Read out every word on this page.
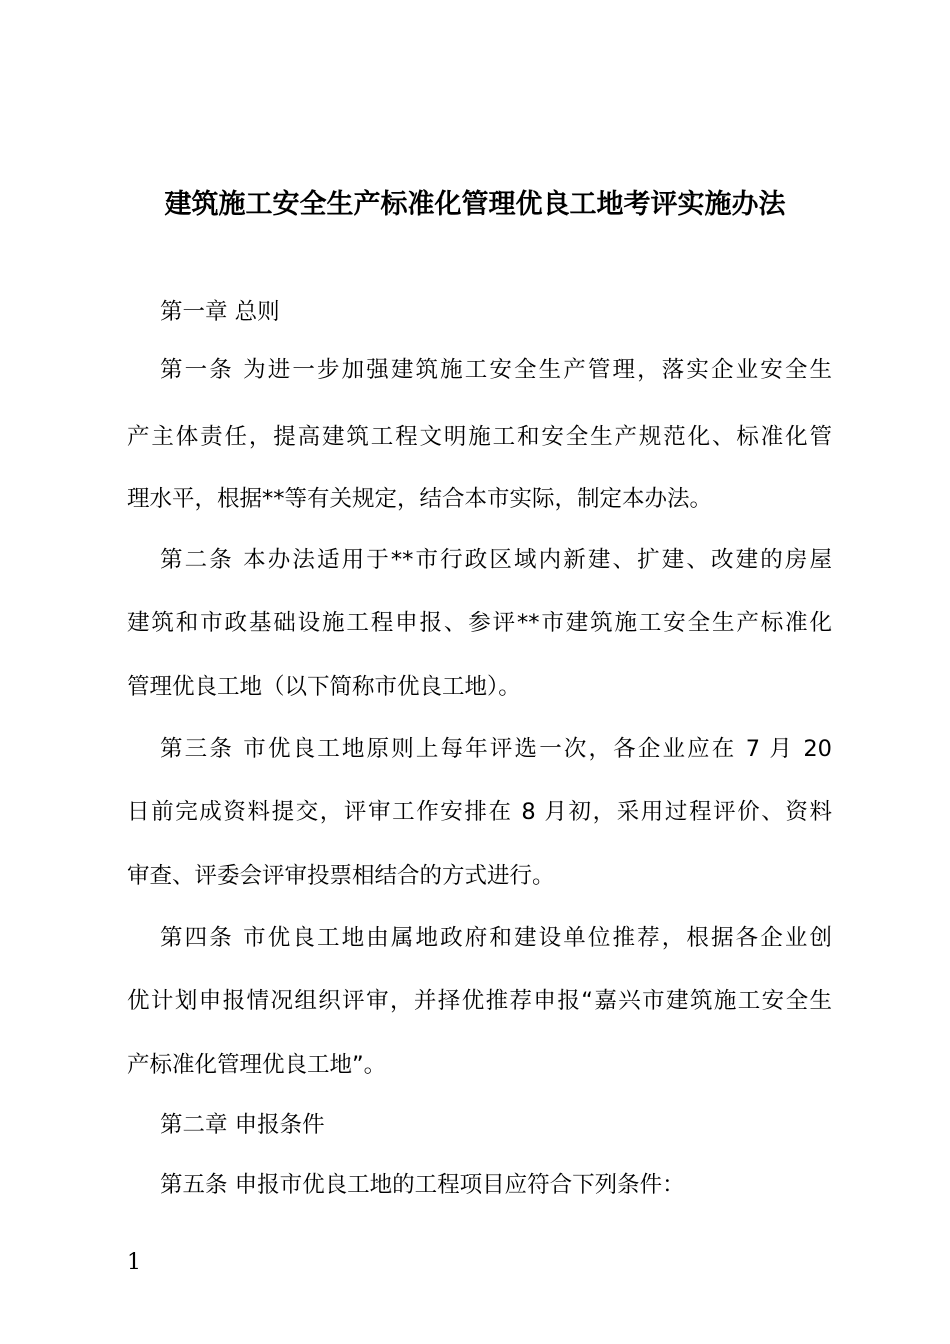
建筑施工安全生产标准化管理优良工地考评实施办法
第一章 总则
第一条 为进一步加强建筑施工安全生产管理，落实企业安全生
产主体责任，提高建筑工程文明施工和安全生产规范化、标准化管
理水平，根据**等有关规定，结合本市实际，制定本办法。
第二条 本办法适用于**市行政区域内新建、扩建、改建的房屋
建筑和市政基础设施工程申报、参评**市建筑施工安全生产标准化
管理优良工地（以下简称市优良工地）。
第三条 市优良工地原则上每年评选一次，各企业应在 7 月 20
日前完成资料提交，评审工作安排在 8 月初，采用过程评价、资料
审查、评委会评审投票相结合的方式进行。
第四条 市优良工地由属地政府和建设单位推荐，根据各企业创
优计划申报情况组织评审，并择优推荐申报“嘉兴市建筑施工安全生
产标准化管理优良工地”。
第二章 申报条件
第五条 申报市优良工地的工程项目应符合下列条件：
1
